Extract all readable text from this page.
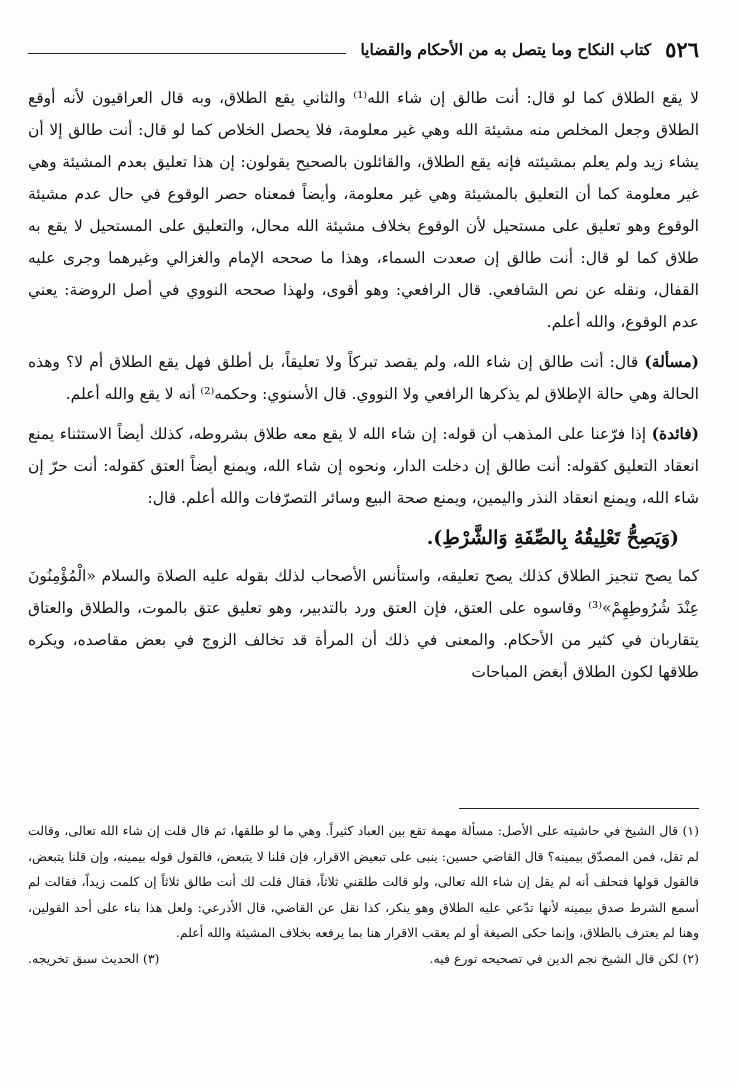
٥٢٦
كتاب النكاح وما يتصل به من الأحكام والقضايا

لا يقع الطلاق كما لو قال: أنت طالق إن شاء الله⁽¹⁾ والثاني يقع الطلاق، وبه قال العراقيون لأنه أوقع الطلاق وجعل المخلص منه مشيئة الله وهي غير معلومة، فلا يحصل الخلاص كما لو قال: أنت طالق إلا أن يشاء زيد ولم يعلم بمشيئته فإنه يقع الطلاق، والقائلون بالصحيح يقولون: إن هذا تعليق بعدم المشيئة وهي غير معلومة كما أن التعليق بالمشيئة وهي غير معلومة، وأيضاً فمعناه حصر الوقوع في حال عدم مشيئة الوقوع وهو تعليق على مستحيل لأن الوقوع بخلاف مشيئة الله محال، والتعليق على المستحيل لا يقع به طلاق كما لو قال: أنت طالق إن صعدت السماء، وهذا ما صححه الإمام والغزالي وغيرهما وجرى عليه القفال، ونقله عن نص الشافعي. قال الرافعي: وهو أقوى، ولهذا صححه النووي في أصل الروضة: يعني عدم الوقوع، والله أعلم.

(مسألة) قال: أنت طالق إن شاء الله، ولم يقصد تبركاً ولا تعليقاً، بل أطلق فهل يقع الطلاق أم لا؟ وهذه الحالة وهي حالة الإطلاق لم يذكرها الرافعي ولا النووي. قال الأسنوي: وحكمه⁽²⁾ أنه لا يقع والله أعلم.

(فائدة) إذا فرّعنا على المذهب أن قوله: إن شاء الله لا يقع معه طلاق بشروطه، كذلك أيضاً الاستثناء يمنع انعقاد التعليق كقوله: أنت طالق إن دخلت الدار، ونحوه إن شاء الله، ويمنع أيضاً العتق كقوله: أنت حرّ إن شاء الله، ويمنع انعقاد النذر واليمين، ويمنع صحة البيع وسائر التصرّفات والله أعلم. قال:

(وَيَصِحُّ تَعْلِيقُهُ بِالصِّفَةِ وَالشَّرْطِ).

كما يصح تنجيز الطلاق كذلك يصح تعليقه، واستأنس الأصحاب لذلك بقوله عليه الصلاة والسلام «الْمُؤْمِنُونَ عِنْدَ شُرُوطِهِمْ»⁽³⁾ وقاسوه على العتق، فإن العتق ورد بالتدبير، وهو تعليق عتق بالموت، والطلاق والعتاق يتقاربان في كثير من الأحكام. والمعنى في ذلك أن المرأة قد تخالف الزوج في بعض مقاصده، ويكره طلاقها لكون الطلاق أبغض المباحات

(١) قال الشيخ في حاشيته على الأصل: مسألة مهمة تقع بين العباد كثيراً. وهي ما لو طلقها، ثم قال قلت إن شاء الله تعالى، وقالت لم تقل، فمن المصدّق بيمينه؟ قال القاضي حسين: ينبى على تبعيض الاقرار، فإن قلنا لا يتبعض، فالقول قوله بيمينه، وإن قلنا يتبعض، فالقول قولها فتحلف أنه لم يقل إن شاء الله تعالى، ولو قالت طلقني ثلاثاً، فقال قلت لك أنت طالق ثلاثاً إن كلمت زيداً، فقالت لم أسمع الشرط صدق بيمينه لأنها تدّعي عليه الطلاق وهو ينكر، كذا نقل عن القاضي، قال الأذرعي: ولعل هذا بناء على أحد القولين، وهنا لم يعترف بالطلاق، وإنما حكى الصيغة أو لم يعقب الاقرار هنا بما يرفعه بخلاف المشيئة والله أعلم.

(٢) لكن قال الشيخ نجم الدين في تصحيحه تورع فيه.
(٣) الحديث سبق تخريجه.
